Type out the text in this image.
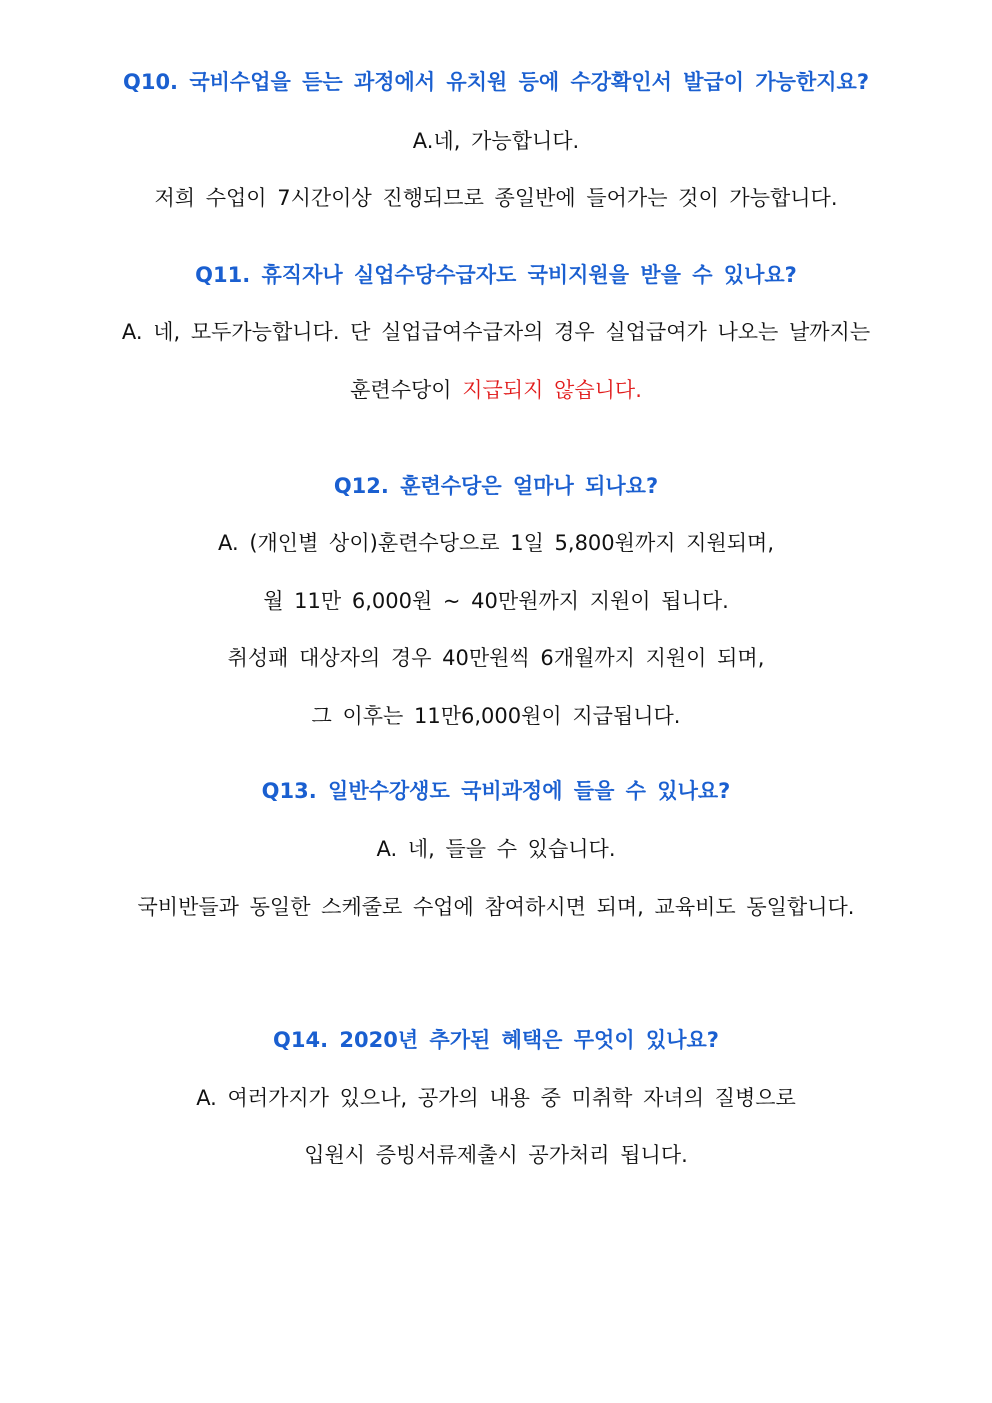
Q10. 국비수업을 듣는 과정에서 유치원 등에 수강확인서 발급이 가능한지요?
A.네, 가능합니다.
저희 수업이 7시간이상 진행되므로 종일반에 들어가는 것이 가능합니다.
Q11. 휴직자나 실업수당수급자도 국비지원을 받을 수 있나요?
A. 네, 모두가능합니다. 단 실업급여수급자의 경우 실업급여가 나오는 날까지는
훈련수당이 지급되지 않습니다.
Q12. 훈련수당은 얼마나 되나요?
A. (개인별 상이)훈련수당으로 1일 5,800원까지 지원되며,
월 11만 6,000원 ~ 40만원까지 지원이 됩니다.
취성패 대상자의 경우 40만원씩 6개월까지 지원이 되며,
그 이후는 11만6,000원이 지급됩니다.
Q13. 일반수강생도 국비과정에 들을 수 있나요?
A. 네, 들을 수 있습니다.
국비반들과 동일한 스케줄로 수업에 참여하시면 되며, 교육비도 동일합니다.
Q14. 2020년 추가된 혜택은 무엇이 있나요?
A. 여러가지가 있으나, 공가의 내용 중 미취학 자녀의 질병으로
입원시 증빙서류제출시 공가처리 됩니다.
